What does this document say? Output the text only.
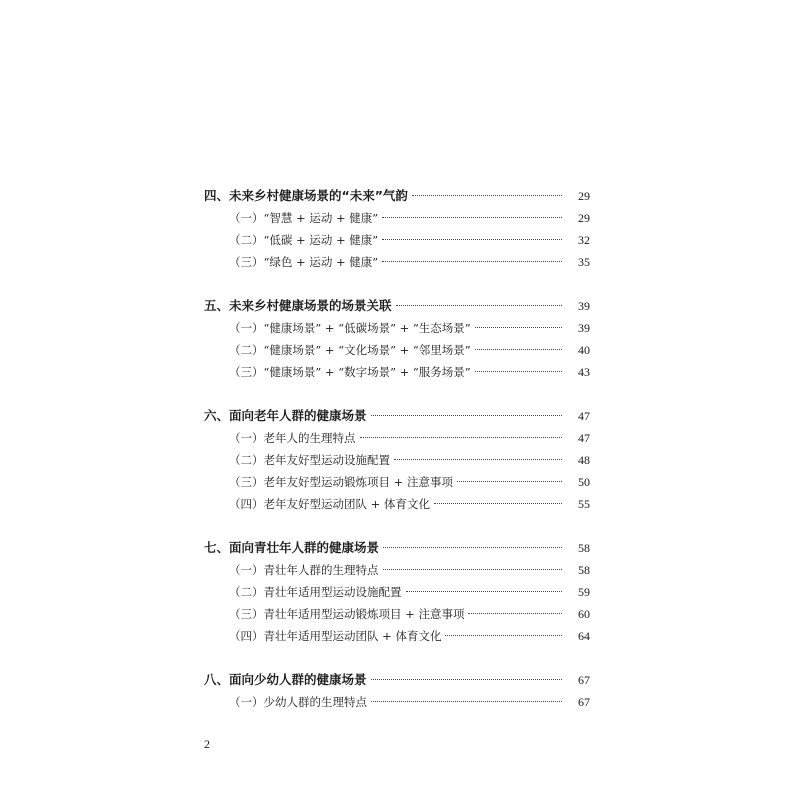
四、未来乡村健康场景的“未来”气韵	29
（一）“智慧 + 运动 + 健康”	29
（二）“低碳 + 运动 + 健康”	32
（三）“绿色 + 运动 + 健康”	35
五、未来乡村健康场景的场景关联	39
（一）“健康场景” + “低碳场景” + “生态场景”	39
（二）“健康场景” + “文化场景” + “邻里场景”	40
（三）“健康场景” + “数字场景” + “服务场景”	43
六、面向老年人群的健康场景	47
（一）老年人的生理特点	47
（二）老年友好型运动设施配置	48
（三）老年友好型运动锻炼项目 + 注意事项	50
（四）老年友好型运动团队 + 体育文化	55
七、面向青壮年人群的健康场景	58
（一）青壮年人群的生理特点	58
（二）青壮年适用型运动设施配置	59
（三）青壮年适用型运动锻炼项目 + 注意事项	60
（四）青壮年适用型运动团队 + 体育文化	64
八、面向少幼人群的健康场景	67
（一）少幼人群的生理特点	67
2
